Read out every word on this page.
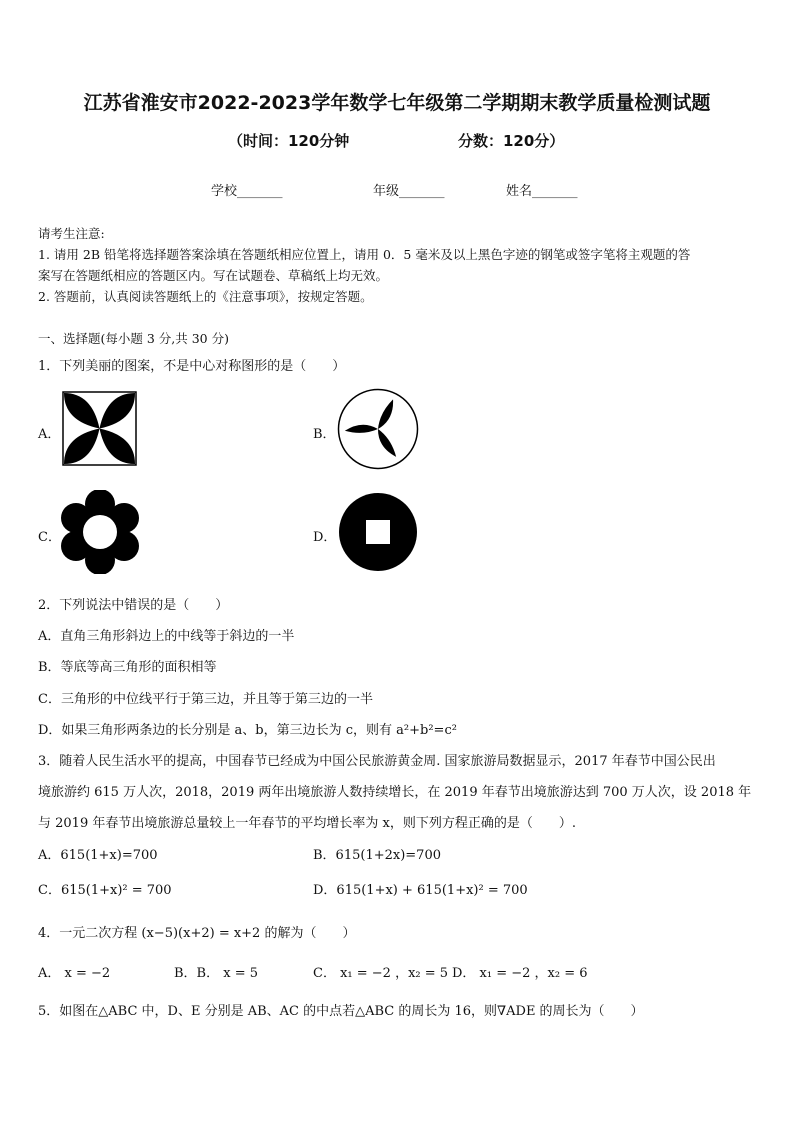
江苏省淮安市2022-2023学年数学七年级第二学期期末教学质量检测试题
（时间：120分钟	分数：120分）
学校_______	年级_______	姓名_______
请考生注意:
1. 请用 2B 铅笔将选择题答案涂填在答题纸相应位置上，请用 0．5 毫米及以上黑色字迹的钢笔或签字笔将主观题的答
案写在答题纸相应的答题区内。写在试题卷、草稿纸上均无效。
2. 答题前，认真阅读答题纸上的《注意事项》，按规定答题。
一、选择题(每小题 3 分,共 30 分)
1．下列美丽的图案，不是中心对称图形的是（　　）
A．	B．
C．	D．
2．下列说法中错误的是（　　）
A．直角三角形斜边上的中线等于斜边的一半
B．等底等高三角形的面积相等
C．三角形的中位线平行于第三边，并且等于第三边的一半
D．如果三角形两条边的长分别是 a、b，第三边长为 c，则有 a²+b²=c²
3．随着人民生活水平的提高，中国春节已经成为中国公民旅游黄金周. 国家旅游局数据显示，2017 年春节中国公民出
境旅游约 615 万人次，2018，2019 两年出境旅游人数持续增长，在 2019 年春节出境旅游达到 700 万人次，设 2018 年
与 2019 年春节出境旅游总量较上一年春节的平均增长率为 x，则下列方程正确的是（　　）.
A．615(1+x)=700	B．615(1+2x)=700
C．615(1+x)² = 700	D．615(1+x) + 615(1+x)² = 700
4．一元二次方程 (x−5)(x+2) = x+2 的解为（　　）
A． x = −2	B．B． x = 5	C． x₁ = −2 ，x₂ = 5 D． x₁ = −2 ，x₂ = 6
5．如图在△ABC 中，D、E 分别是 AB、AC 的中点若△ABC 的周长为 16，则∇ADE 的周长为（　　）
